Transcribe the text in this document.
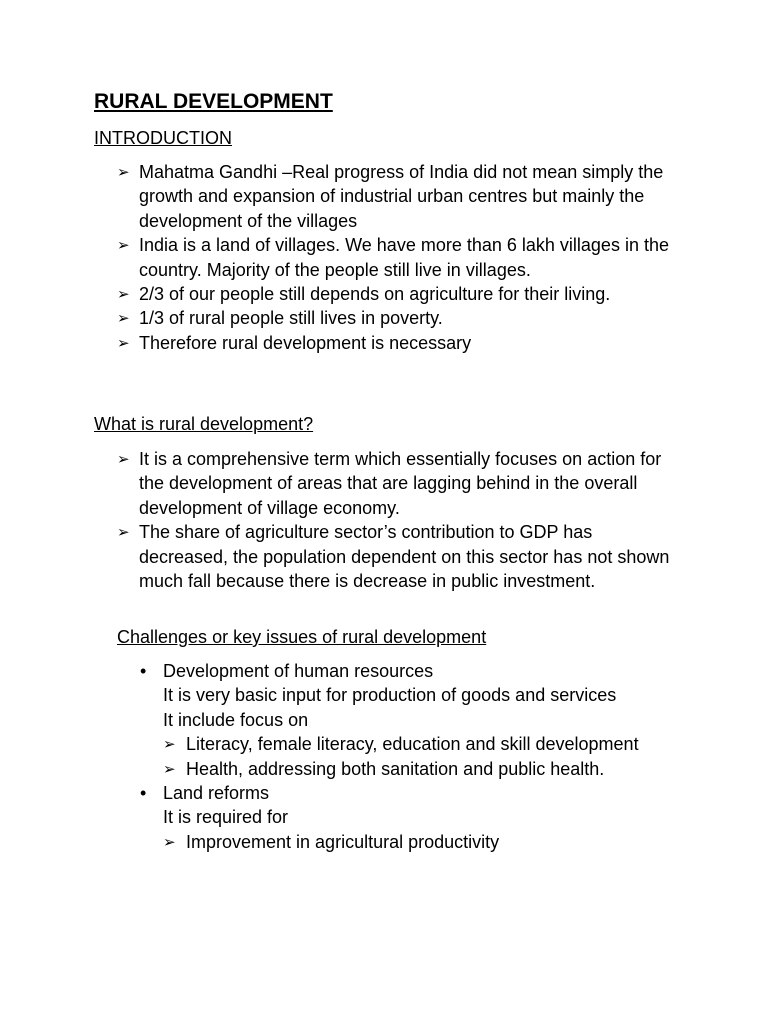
RURAL DEVELOPMENT
INTRODUCTION
➢ Mahatma Gandhi –Real progress of India did not mean simply the growth and expansion of industrial urban centres but mainly the development of the villages
➢ India is a land of villages. We have more than 6 lakh villages in the country. Majority of the people still live in villages.
➢ 2/3 of our people still depends on agriculture for their living.
➢ 1/3 of rural people still lives in poverty.
➢ Therefore rural development is necessary
What is rural development?
➢ It is a comprehensive term which essentially focuses on action for the development of areas that are lagging behind in the overall development of village economy.
➢ The share of agriculture sector’s contribution to GDP has decreased, the population dependent on this sector has not shown much fall because there is decrease in public investment.
Challenges or key issues of rural development
• Development of human resources
It is very basic input for production of goods and services
It include focus on
➢ Literacy, female literacy, education and skill development
➢ Health, addressing both sanitation and public health.
• Land reforms
It is required for
➢ Improvement in agricultural productivity
